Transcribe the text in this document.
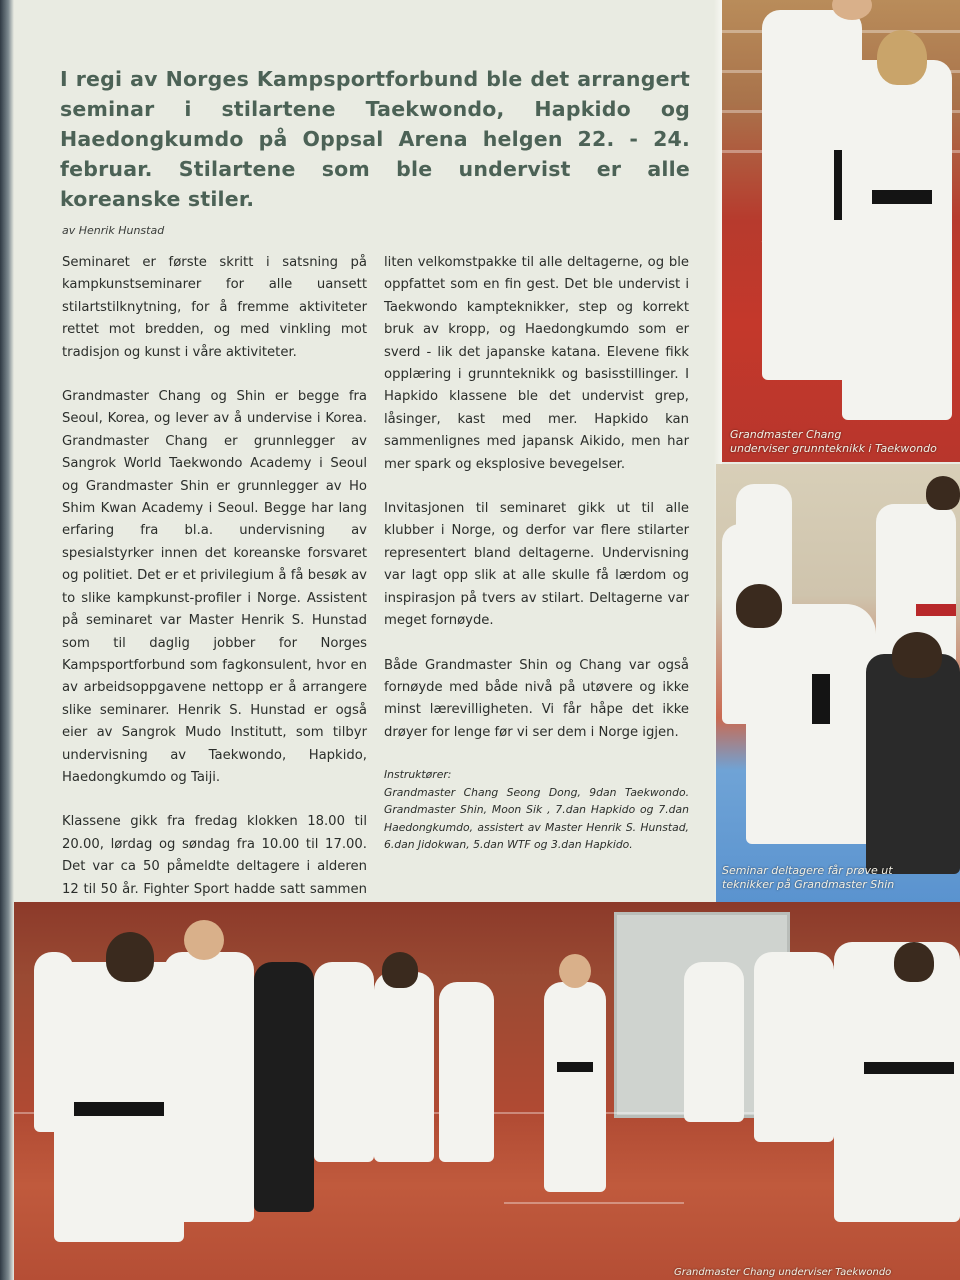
I regi av Norges Kampsportforbund ble det arrangert seminar i stilartene Taekwondo, Hapkido og Haedongkumdo på Oppsal Arena helgen 22. - 24. februar. Stilartene som ble undervist er alle koreanske stiler.
av Henrik Hunstad

Seminaret er første skritt i satsning på kampkunstseminarer for alle uansett stilartstilknytning, for å fremme aktiviteter rettet mot bredden, og med vinkling mot tradisjon og kunst i våre aktiviteter.

Grandmaster Chang og Shin er begge fra Seoul, Korea, og lever av å undervise i Korea. Grandmaster Chang er grunnlegger av Sangrok World Taekwondo Academy i Seoul og Grandmaster Shin er grunnlegger av Ho Shim Kwan Academy i Seoul. Begge har lang erfaring fra bl.a. undervisning av spesialstyrker innen det koreanske forsvaret og politiet. Det er et privilegium å få besøk av to slike kampkunst-profiler i Norge. Assistent på seminaret var Master Henrik S. Hunstad som til daglig jobber for Norges Kampsportforbund som fagkonsulent, hvor en av arbeidsoppgavene nettopp er å arrangere slike seminarer. Henrik S. Hunstad er også eier av Sangrok Mudo Institutt, som tilbyr undervisning av Taekwondo, Hapkido, Haedongkumdo og Taiji.

Klassene gikk fra fredag klokken 18.00 til 20.00, lørdag og søndag fra 10.00 til 17.00. Det var ca 50 påmeldte deltagere i alderen 12 til 50 år. Fighter Sport hadde satt sammen

liten velkomstpakke til alle deltagerne, og ble oppfattet som en fin gest. Det ble undervist i Taekwondo kampteknikker, step og korrekt bruk av kropp, og Haedongkumdo som er sverd - lik det japanske katana. Elevene fikk opplæring i grunnteknikk og basisstillinger. I Hapkido klassene ble det undervist grep, låsinger, kast med mer. Hapkido kan sammenlignes med japansk Aikido, men har mer spark og eksplosive bevegelser.

Invitasjonen til seminaret gikk ut til alle klubber i Norge, og derfor var flere stilarter representert bland deltagerne. Undervisning var lagt opp slik at alle skulle få lærdom og inspirasjon på tvers av stilart. Deltagerne var meget fornøyde.

Både Grandmaster Shin og Chang var også fornøyde med både nivå på utøvere og ikke minst lærevilligheten. Vi får håpe det ikke drøyer for lenge før vi ser dem i Norge igjen.

Instruktører:
Grandmaster Chang Seong Dong, 9dan Taekwondo. Grandmaster Shin, Moon Sik , 7.dan Hapkido og 7.dan Haedongkumdo, assistert av Master Henrik S. Hunstad, 6.dan Jidokwan, 5.dan WTF og 3.dan Hapkido.
Grandmaster Chang
underviser grunnteknikk i Taekwondo
Seminar deltagere får prøve ut
teknikker på Grandmaster Shin
Grandmaster Chang underviser Taekwondo
